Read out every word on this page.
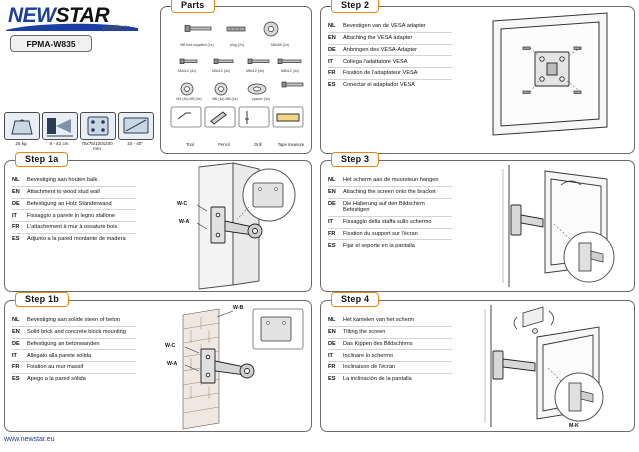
NEWSTAR
products
FPMA-W835
25 kg	9 - 42 cm	75x75/100x200 mm
10 - 40"
Parts
M6 bolt supplied (2x)	plug (2x)	M8x55 (2x)
M4x12 (4x)	M5x12 (4x)	M6x12 (4x)	M8x12 (4x)
M4 (4x) M5 (4x)	M6 (4x) M8 (4x)	spacer (4x)
Tool	Pencil	Drill	Tape measure
Step 2
NL	Bevestigen van de VESA adapter
EN	Attaching the VESA adapter
DE	Anbringen des VESA-Adapter
IT	Collega l'adattatore VESA
FR	Fixation de l'adaptateur VESA
ES	Conectar el adaptador VESA
Step 1a
NL	Bevestiging aan houten balk
EN	Attachment to wood stud wall
DE	Befestigung an Holz Ständerwand
IT	Fissaggio a parete in legno stallone
FR	L'attachement à mur à ossature bois
ES	Adjunto a la pared montante de madera
W-C
W-A
Step 3
NL	Het scherm aan de muursteun hangen
EN	Attaching the screen onto the bracket
DE	Die Halterung auf den Bildschirm Befestigen
IT	Fissaggio della staffa sullo schermo
FR	Fixation du support sur l'écran
ES	Fijar el soporte en la pantalla
Step 1b
NL	Bevestiging aan solide steen of beton
EN	Solid brick and concrete block mounting
DE	Befestigung an betonwanden
IT	Allegato alla parete solida
FR	Fixation au mur massif
ES	Apego a la pared sólida
W-B
W-C
W-A
Step 4
NL	Het kantelen van het scherm
EN	Tilting the screen
DE	Das Kippen des Bildschirms
IT	Inclinare lo schermo
FR	Inclinaison de l'écran
ES	La inclinación de la pantalla
M-K
www.newstar.eu
